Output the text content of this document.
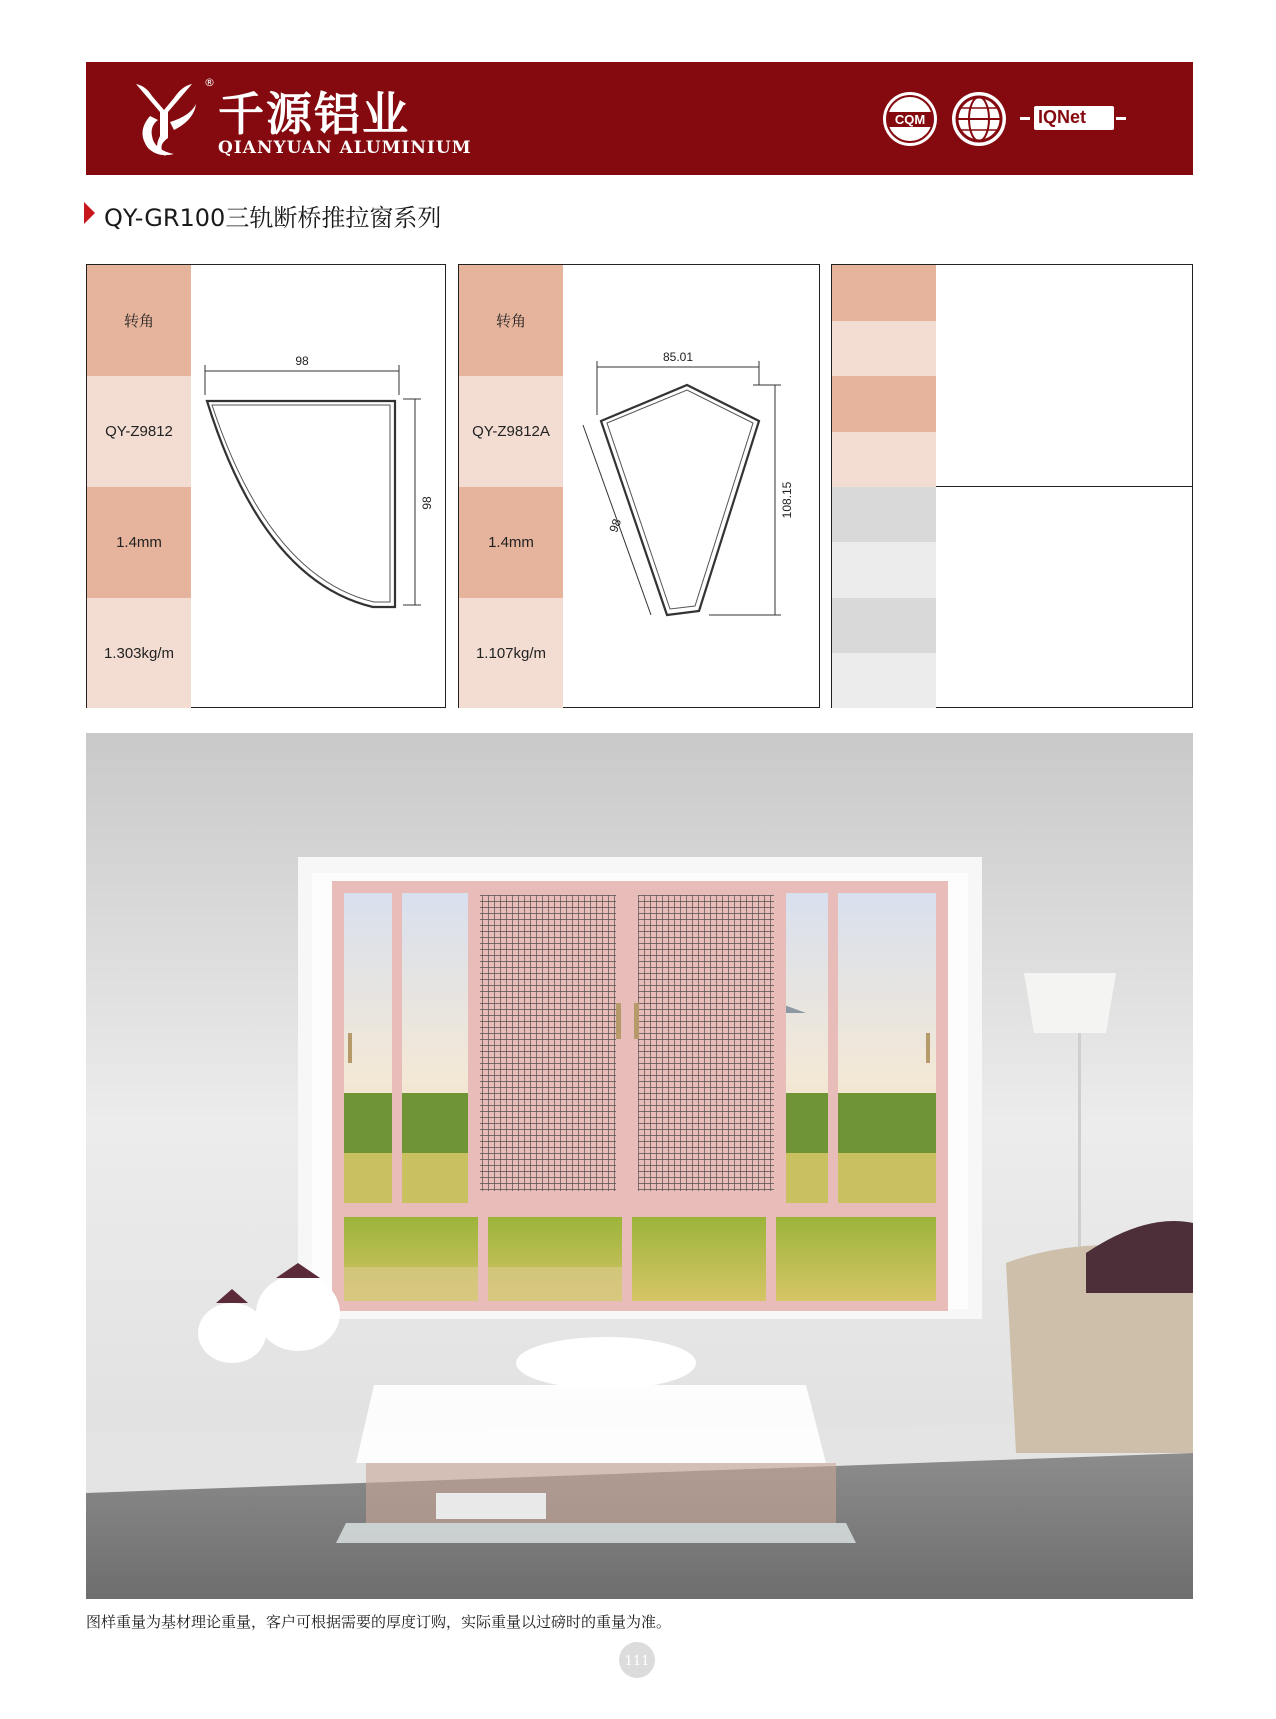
®
千源铝业
QIANYUAN ALUMINIUM
CQM	IQNet
QY-GR100三轨断桥推拉窗系列
转角
QY-Z9812
1.4mm
1.303kg/m
98
98
转角
QY-Z9812A
1.4mm
1.107kg/m
85.01
108.15
98
图样重量为基材理论重量，客户可根据需要的厚度订购，实际重量以过磅时的重量为准。
111
